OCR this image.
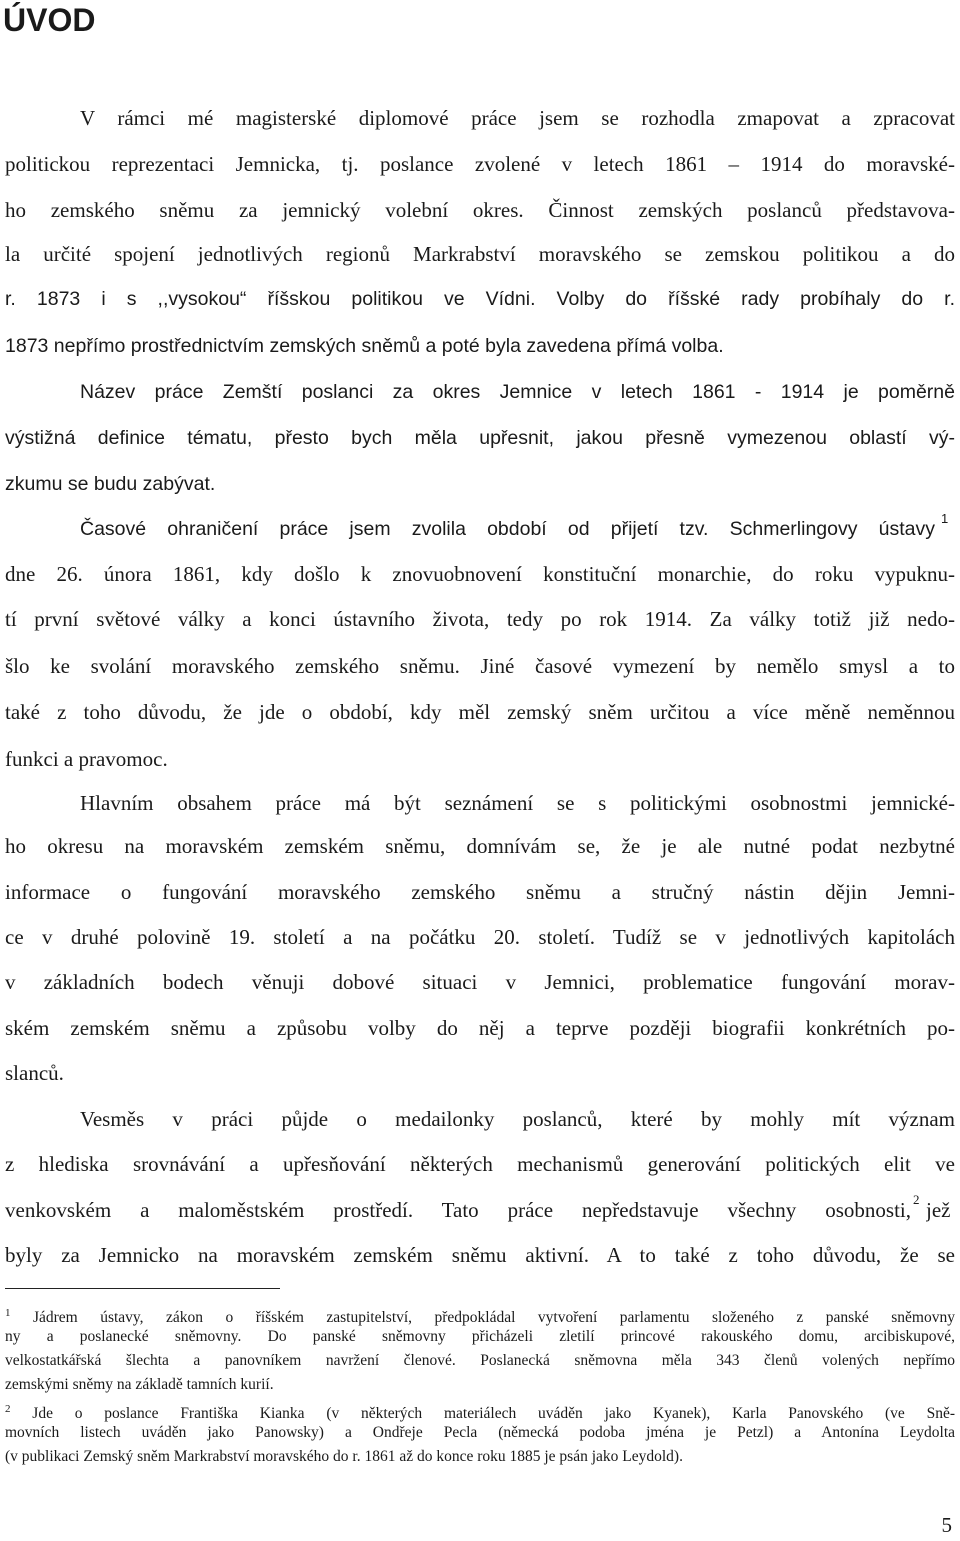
ÚVOD
V rámci mé magisterské diplomové práce jsem se rozhodla zmapovat a zpracovat
politickou reprezentaci Jemnicka, tj. poslance zvolené v letech 1861 – 1914 do moravské-
ho zemského sněmu za jemnický volební okres. Činnost zemských poslanců představova-
la určité spojení jednotlivých regionů Markrabství moravského se zemskou politikou a do
r. 1873 i s ,,vysokou“ říšskou politikou ve Vídni. Volby do říšské rady probíhaly do r.
1873 nepřímo prostřednictvím zemských sněmů a poté byla zavedena přímá volba.
Název práce Zemští poslanci za okres Jemnice v letech 1861 - 1914 je poměrně
výstižná definice tématu, přesto bych měla upřesnit, jakou přesně vymezenou oblastí vý-
zkumu se budu zabývat.
Časové ohraničení práce jsem zvolila období od přijetí tzv. Schmerlingovy ústavy 1
dne 26. února 1861, kdy došlo k znovuobnovení konstituční monarchie, do roku vypuknu-
tí první světové války a konci ústavního života, tedy po rok 1914. Za války totiž již nedo-
šlo ke svolání moravského zemského sněmu. Jiné časové vymezení by nemělo smysl a to
také z toho důvodu, že jde o období, kdy měl zemský sněm určitou a více měně neměnnou
funkci a pravomoc.
Hlavním obsahem práce má být seznámení se s politickými osobnostmi jemnické-
ho okresu na moravském zemském sněmu, domnívám se, že je ale nutné podat nezbytné
informace o fungování moravského zemského sněmu a stručný nástin dějin Jemni-
ce v druhé polovině 19. století a na počátku 20. století. Tudíž se v jednotlivých kapitolách
v základních bodech věnuji dobové situaci v Jemnici, problematice fungování morav-
ském zemském sněmu a způsobu volby do něj a teprve později biografii konkrétních po-
slanců.
Vesměs v práci půjde o medailonky poslanců, které by mohly mít význam
z hlediska srovnávání a upřesňování některých mechanismů generování politických elit ve
venkovském a maloměstském prostředí. Tato práce nepředstavuje všechny osobnosti, 2 jež
byly za Jemnicko na moravském zemském sněmu aktivní. A to také z toho důvodu, že se
$^1$ Jádrem ústavy, zákon o říšském zastupitelství, předpokládal vytvoření parlamentu složeného z panské sněmovny
ny a poslanecké sněmovny. Do panské sněmovny přicházeli zletilí princové rakouského domu, arcibiskupové,
velkostatkářská šlechta a panovníkem navržení členové. Poslanecká sněmovna měla 343 členů volených nepřímo
zemskými sněmy na základě tamních kurií.
$^2$ Jde o poslance Františka Kianka (v některých materiálech uváděn jako Kyanek), Karla Panovského (ve Sně-
movních listech uváděn jako Panowsky) a Ondřeje Pecla (německá podoba jména je Petzl) a Antonína Leydolta
(v publikaci Zemský sněm Markrabství moravského do r. 1861 až do konce roku 1885 je psán jako Leydold).
5
